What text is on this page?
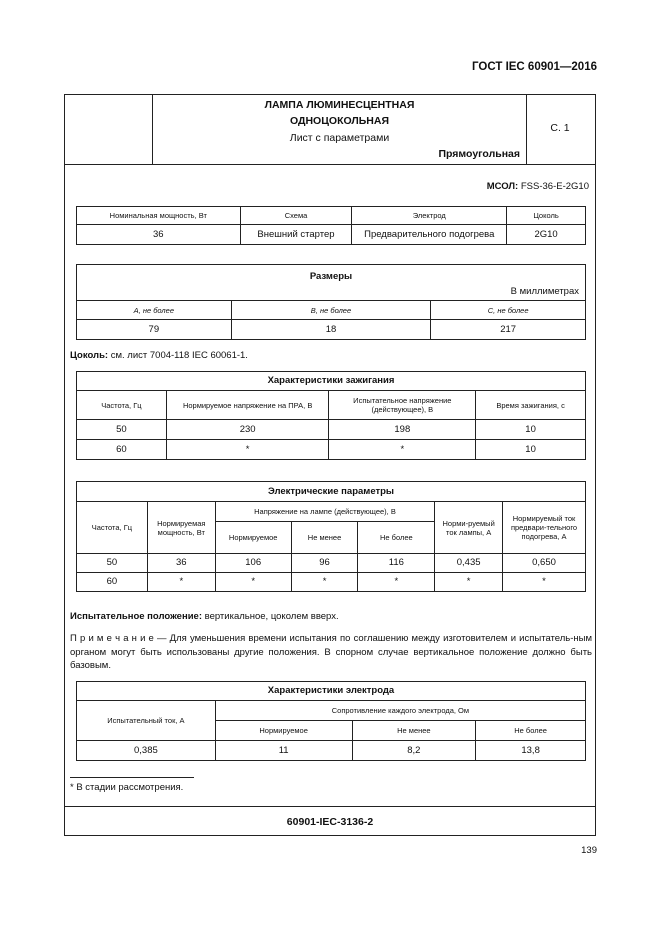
ГОСТ IEC 60901—2016
ЛАМПА ЛЮМИНЕСЦЕНТНАЯ
ОДНОЦОКОЛЬНАЯ
Лист с параметрами
Прямоугольная
С. 1
МСОЛ: FSS-36-E-2G10
Номинальная мощность, Вт	Схема	Электрод	Цоколь
36	Внешний стартер	Предварительного подогрева	2G10
Размеры
В миллиметрах		

A, не более	B, не более	C, не более
79	18	217
Цоколь: см. лист 7004-118 IEC 60061-1.
Характеристики зажигания			
Частота, Гц	Нормируемое напряжение на ПРА, В	Испытательное напряжение (действующее), В	Время зажигания, с
50	230	198	10
60	*	*	10
Электрические параметры						
Частота, Гц	Нормируемая мощность, Вт	Напряжение на лампе (действующее), В			Норми-руемый ток лампы, А	Нормируемый ток предвари-тельного подогрева, А
		Нормируемое	Не менее	Не более		
50	36	106	96	116	0,435	0,650
60	*	*	*	*	*	*
Испытательное положение: вертикальное, цоколем вверх.
П р и м е ч а н и е — Для уменьшения времени испытания по соглашению между изготовителем и испытатель-ным органом могут быть использованы другие положения. В спорном случае вертикальное положение должно быть базовым.
Характеристики электрода			
Испытательный ток, А	Сопротивление каждого электрода, Ом		
	Нормируемое	Не менее	Не более
0,385	11	8,2	13,8
* В стадии рассмотрения.
60901-IEC-3136-2
139
